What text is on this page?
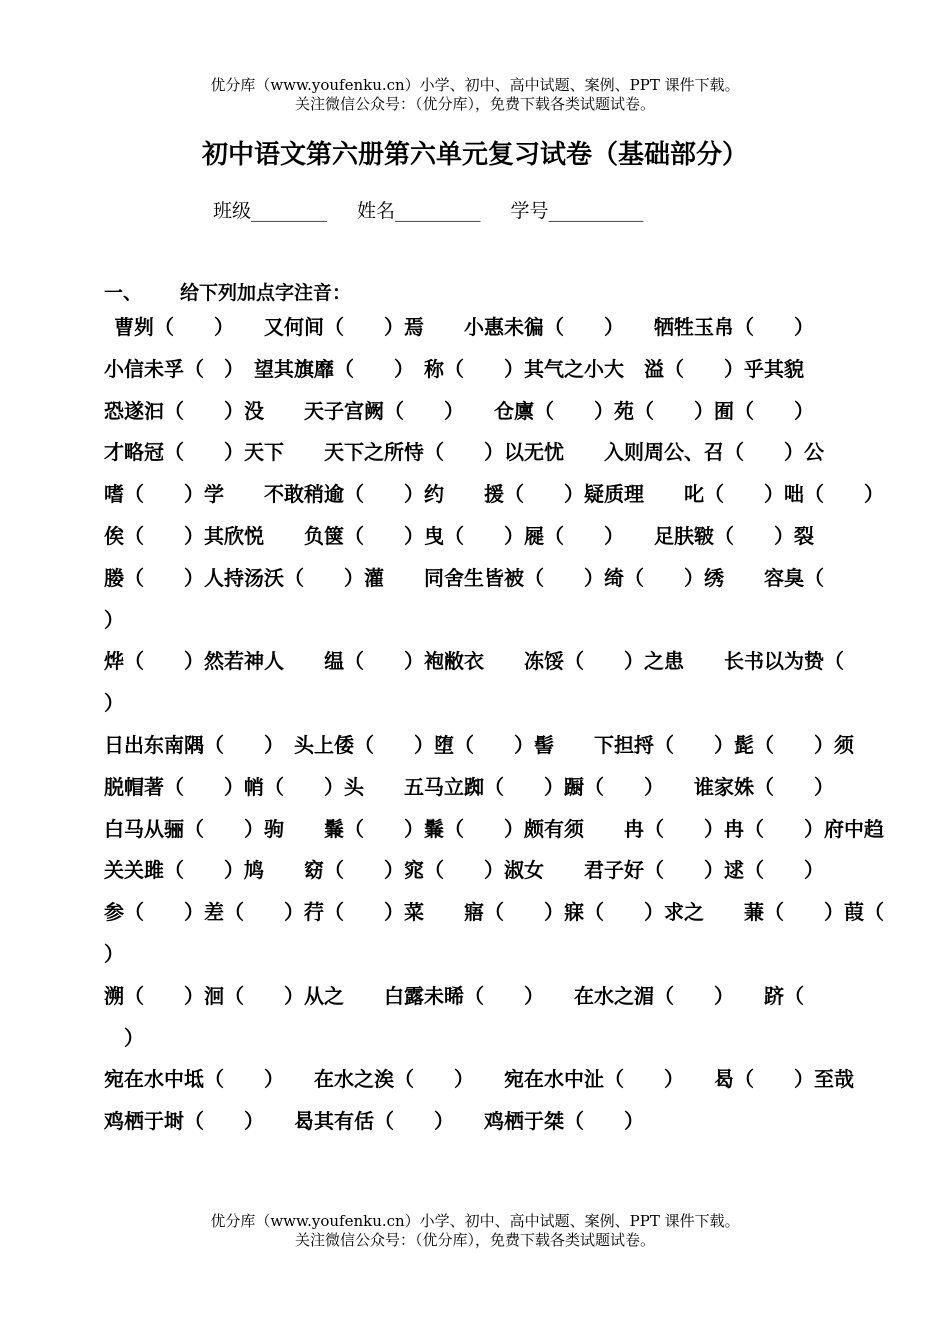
优分库（www.youfenku.cn）小学、初中、高中试题、案例、PPT 课件下载。
关注微信公众号：（优分库），免费下载各类试题试卷。
初中语文第六册第六单元复习试卷（基础部分）
班级________ 姓名_________ 学号__________
一、 给下列加点字注音：
曹刿（　　）　　又何间（　　）焉　　小惠未徧（　　）　　牺牲玉帛（　　）
小信未孚（　）　望其旗靡（　　）　称（　　）其气之小大　溢（　　）乎其貌
恐遂汩（　　）没　　天子宫阙（　　）　　仓廪（　　）苑（　　）囿（　　）
才略冠（　　）天下　　天下之所恃（　　）以无忧　　入则周公、召（　　）公
嗜（　　）学　　不敢稍逾（　　）约　　援（　　）疑质理　　叱（　　）咄（　　）
俟（　　）其欣悦　　负箧（　　）曳（　　）屣（　　）　　足肤皲（　　）裂
媵（　　）人持汤沃（　　）灌　　同舍生皆被（　　）绮（　　）绣　　容臭（
）
烨（　　）然若神人　　缊（　　）袍敝衣　　冻馁（　　）之患　　长书以为贽（
）
日出东南隅（　　）　头上倭（　　）堕（　　）髻　　下担捋（　　）髭（　　）须
脱帽著（　　）帩（　　）头　　五马立踟（　　）蹰（　　）　　谁家姝（　　）
白马从骊（　　）驹　　鬑（　　）鬑（　　）颇有须　　冉（　　）冉（　　）府中趋
关关雎（　　）鸠　　窈（　　）窕（　　）淑女　　君子好（　　）逑（　　）
参（　　）差（　　）荇（　　）菜　　寤（　　）寐（　　）求之　　蒹（　　）葭（
）
溯（　　）洄（　　）从之　　白露未晞（　　）　　在水之湄（　　）　　跻（
　）
宛在水中坻（　　）　　在水之涘（　　）　　宛在水中沚（　　）　　曷（　　）至哉
鸡栖于埘（　　）　　曷其有佸（　　）　　鸡栖于桀（　　）
优分库（www.youfenku.cn）小学、初中、高中试题、案例、PPT 课件下载。
关注微信公众号：（优分库），免费下载各类试题试卷。
